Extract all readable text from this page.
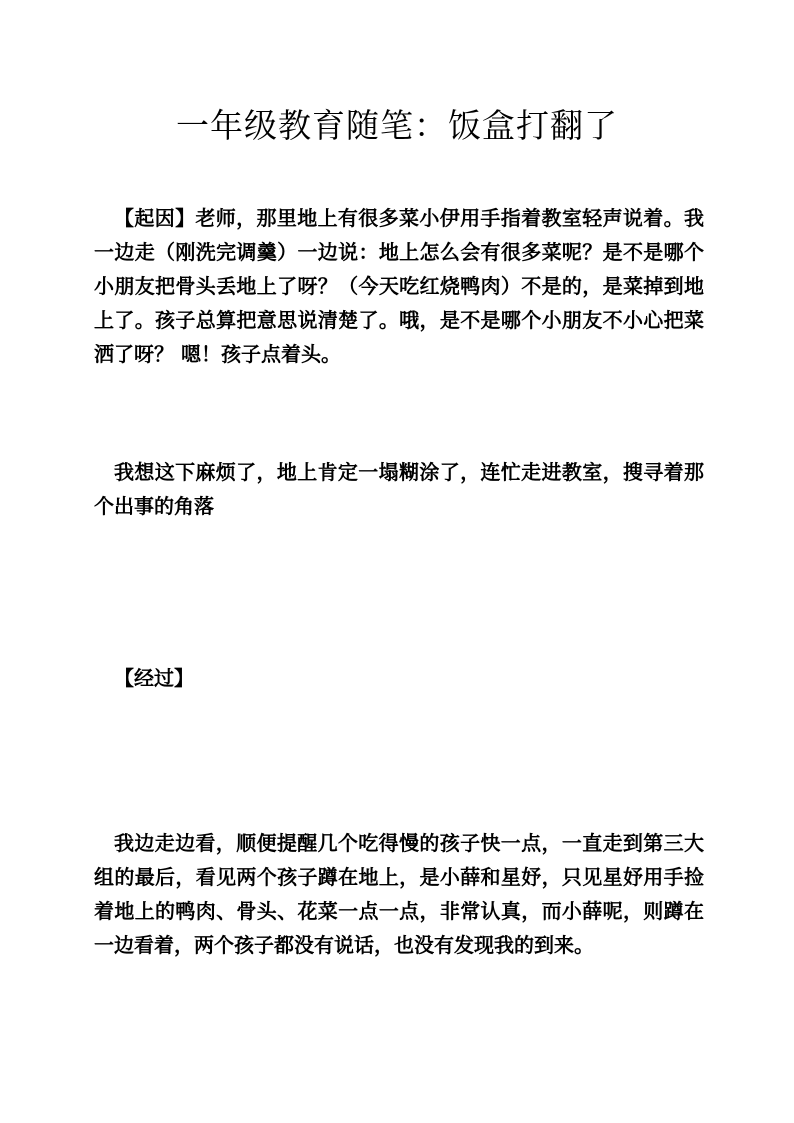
一年级教育随笔：饭盒打翻了

【起因】老师，那里地上有很多菜小伊用手指着教室轻声说着。我一边走（刚洗完调羹）一边说：地上怎么会有很多菜呢？是不是哪个小朋友把骨头丢地上了呀？（今天吃红烧鸭肉）不是的，是菜掉到地上了。孩子总算把意思说清楚了。哦，是不是哪个小朋友不小心把菜洒了呀？ 嗯！孩子点着头。

我想这下麻烦了，地上肯定一塌糊涂了，连忙走进教室，搜寻着那个出事的角落

【经过】

我边走边看，顺便提醒几个吃得慢的孩子快一点，一直走到第三大组的最后，看见两个孩子蹲在地上，是小薛和星妤，只见星妤用手捡着地上的鸭肉、骨头、花菜一点一点，非常认真，而小薛呢，则蹲在一边看着，两个孩子都没有说话，也没有发现我的到来。
